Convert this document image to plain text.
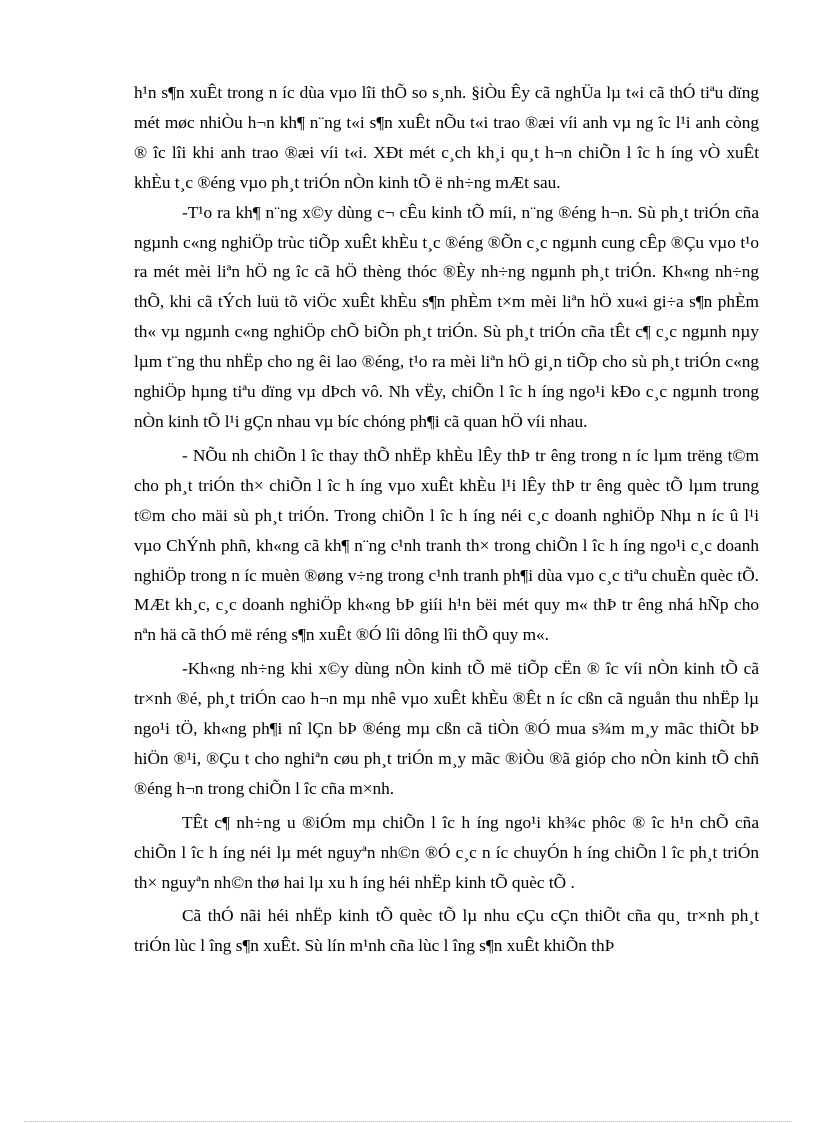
h¹n s¶n xuÊt trong n íc dùa vµo lîi thÕ so s¸nh. §iÒu Êy cã nghÜa lµ t«i cã thÓ tiªu dïng mét møc nhiÒu h¬n kh¶ n¨ng t«i s¶n xuÊt nÕu t«i trao ®æi víi anh vµ ng îc l¹i anh còng ® îc lîi khi anh trao ®æi víi t«i. XÐt mét c¸ch kh¸i qu¸t h¬n chiÕn l îc h íng vÒ xuÊt khÈu t¸c ®éng vµo ph¸t triÓn nÒn kinh tÕ ë nh÷ng mÆt sau.

-T¹o ra kh¶ n¨ng x©y dùng c¬ cÊu kinh tÕ míi, n¨ng ®éng h¬n. Sù ph¸t triÓn cña ngµnh c«ng nghiÖp trùc tiÕp xuÊt khÈu t¸c ®éng ®Õn c¸c ngµnh cung cÊp ®Çu vµo t¹o ra mét mèi liªn hÖ ng îc cã hÖ thèng thóc ®Èy nh÷ng ngµnh ph¸t triÓn. Kh«ng nh÷ng thÕ, khi cã tÝch luü tõ viÖc xuÊt khÈu s¶n phÈm t×m mèi liªn hÖ xu«i gi÷a s¶n phÈm th« vµ ngµnh c«ng nghiÖp chÕ biÕn ph¸t triÓn. Sù ph¸t triÓn cña tÊt c¶ c¸c ngµnh nµy lµm t¨ng thu nhËp cho ng êi lao ®éng, t¹o ra mèi liªn hÖ gi¸n tiÕp cho sù ph¸t triÓn c«ng nghiÖp hµng tiªu dïng vµ dÞch vô. Nh vËy, chiÕn l îc h íng ngo¹i kÐo c¸c ngµnh trong nÒn kinh tÕ l¹i gÇn nhau vµ bíc chóng ph¶i cã quan hÖ víi nhau.

- NÕu nh chiÕn l îc thay thÕ nhËp khÈu lÊy thÞ tr êng trong n íc lµm trëng t©m cho ph¸t triÓn th× chiÕn l îc h íng vµo xuÊt khÈu l¹i lÊy thÞ tr êng quèc tÕ lµm trung t©m cho mäi sù ph¸t triÓn. Trong chiÕn l îc h íng néi c¸c doanh nghiÖp Nhµ n íc û l¹i vµo ChÝnh phñ, kh«ng cã kh¶ n¨ng c¹nh tranh th× trong chiÕn l îc h íng ngo¹i c¸c doanh nghiÖp trong n íc muèn ®øng v÷ng trong c¹nh tranh ph¶i dùa vµo c¸c tiªu chuÈn quèc tÕ. MÆt kh¸c, c¸c doanh nghiÖp kh«ng bÞ giíi h¹n bëi mét quy m« thÞ tr êng nhá hÑp cho nªn hä cã thÓ më réng s¶n xuÊt ®Ó lîi dông lîi thÕ quy m«.

-Kh«ng nh÷ng khi x©y dùng nÒn kinh tÕ më tiÕp cËn ® îc víi nÒn kinh tÕ cã tr×nh ®é, ph¸t triÓn cao h¬n mµ nhê vµo xuÊt khÈu ®Êt n íc cßn cã nguån thu nhËp lµ ngo¹i tÖ, kh«ng ph¶i nî lÇn bÞ ®éng mµ cßn cã tiÒn ®Ó mua s¾m m¸y mãc thiÕt bÞ hiÖn ®¹i, ®Çu t cho nghiªn cøu ph¸t triÓn m¸y mãc ®iÒu ®ã gióp cho nÒn kinh tÕ chñ ®éng h¬n trong chiÕn l îc cña m×nh.

TÊt c¶ nh÷ng u ®iÓm mµ chiÕn l îc h íng ngo¹i kh¾c phôc ® îc h¹n chÕ cña chiÕn l îc h íng néi lµ mét nguyªn nh©n ®Ó c¸c n íc chuyÓn h íng chiÕn l îc ph¸t triÓn th× nguyªn nh©n thø hai lµ xu h íng héi nhËp kinh tÕ quèc tÕ .

Cã thÓ nãi héi nhËp kinh tÕ quèc tÕ lµ nhu cÇu cÇn thiÕt cña qu¸ tr×nh ph¸t triÓn lùc l îng s¶n xuÊt. Sù lín m¹nh cña lùc l îng s¶n xuÊt khiÕn thÞ
